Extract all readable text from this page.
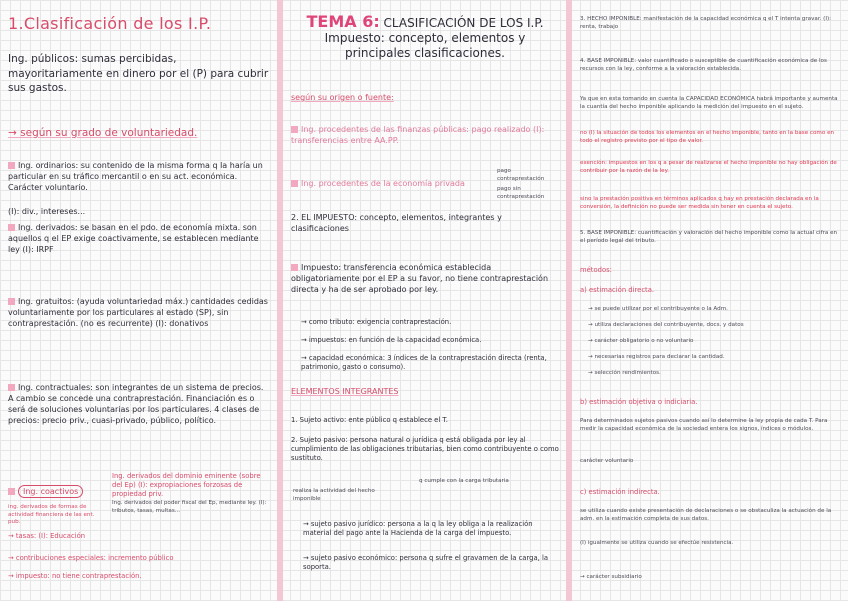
1.Clasificación de los I.P.

Ing. públicos: sumas percibidas, mayoritariamente en dinero por el (P) para cubrir sus gastos.

→ según su grado de voluntariedad.

Ing. ordinarios: su contenido de la misma forma q la haría un particular en su tráfico mercantil o en su act. económica. Carácter voluntario.

(I): div., intereses...

Ing. derivados: se basan en el pdo. de economía mixta. son aquellos q el EP exige coactivamente, se establecen mediante ley (I): IRPF

Ing. gratuitos: (ayuda voluntariedad máx.) cantidades cedidas voluntariamente por los particulares al estado (SP), sin contraprestación. (no es recurrente) (I): donativos

Ing. contractuales: son integrantes de un sistema de precios. A cambio se concede una contraprestación. Financiación es o será de soluciones voluntarias por los particulares. 4 clases de precios: precio priv., cuasi-privado, público, político.

Ing. coactivos

Ing. derivados del dominio eminente (sobre del Ep) (I): expropiaciones forzosas de propiedad priv.

Ing. derivados del poder fiscal del Ep, mediante ley. (I): tributos, tasas, multas...

ing. derivados de formas de actividad financiera de las ent. pub.

→ tasas: (I): Educación

→ contribuciones especiales: incremento público

→ impuesto: no tiene contraprestación.

TEMA 6: CLASIFICACIÓN DE LOS I.P. Impuesto: concepto, elementos y principales clasificaciones.

según su origen o fuente:

Ing. procedentes de las finanzas públicas: pago realizado (I): transferencias entre AA.PP.

Ing. procedentes de la economía privada

pago contraprestación

pago sin contraprestación

2. EL IMPUESTO: concepto, elementos, integrantes y clasificaciones

Impuesto: transferencia económica establecida obligatoriamente por el EP a su favor, no tiene contraprestación directa y ha de ser aprobado por ley.

→ como tributo: exigencia contraprestación.

→ impuestos: en función de la capacidad económica.

→ capacidad económica: 3 índices de la contraprestación directa (renta, patrimonio, gasto o consumo).

ELEMENTOS INTEGRANTES

1. Sujeto activo: ente público q establece el T.

2. Sujeto pasivo: persona natural o jurídica q está obligada por ley al cumplimiento de las obligaciones tributarias, bien como contribuyente o como sustituto.

realiza la actividad del hecho imponible

q cumple con la carga tributaria

→ sujeto pasivo jurídico: persona a la q la ley obliga a la realización material del pago ante la Hacienda de la carga del impuesto.

→ sujeto pasivo económico: persona q sufre el gravamen de la carga, la soporta.

3. HECHO IMPONIBLE: manifestación de la capacidad económica q el T intenta gravar. (I): renta, trabajo

4. BASE IMPONIBLE: valor cuantificado o susceptible de cuantificación económica de los recursos con la ley, conforme a la valoración establecida.

Ya que en esta tomando en cuenta la CAPACIDAD ECONÓMICA habrá importante y aumenta la cuantía del hecho imponible aplicando la medición del impuesto en el sujeto.

no (I) la situación de todos los elementos en el hecho imponible, tanto en la base como en todo el registro previsto por el tipo de valor.

exención: impuestos en los q a pesar de realizarse el hecho imponible no hay obligación de contribuir por la razón de la ley.

sino la prestación positiva en términos aplicados q hay en prestación declarada en la conversión, la definición no puede ser medida sin tener en cuenta el sujeto.

5. BASE IMPONIBLE: cuantificación y valoración del hecho imponible como la actual cifra en el período legal del tributo.

métodos:

a) estimación directa.

→ se puede utilizar por el contribuyente o la Adm.

→ utiliza declaraciones del contribuyente, docs. y datos

→ carácter obligatorio o no voluntario

→ necesarias registros para declarar la cantidad.

→ selección rendimientos.

b) estimación objetiva o indiciaria.

Para determinados sujetos pasivos cuando así lo determine la ley propia de cada T. Para medir la capacidad económica de la sociedad entera los signos, índices o módulos.

carácter voluntario

c) estimación indirecta.

se utiliza cuando existe presentación de declaraciones o se obstaculiza la actuación de la adm. en la estimación completa de sus datos.

(I) igualmente se utiliza cuando se efectúe resistencia.

→ carácter subsidiario
